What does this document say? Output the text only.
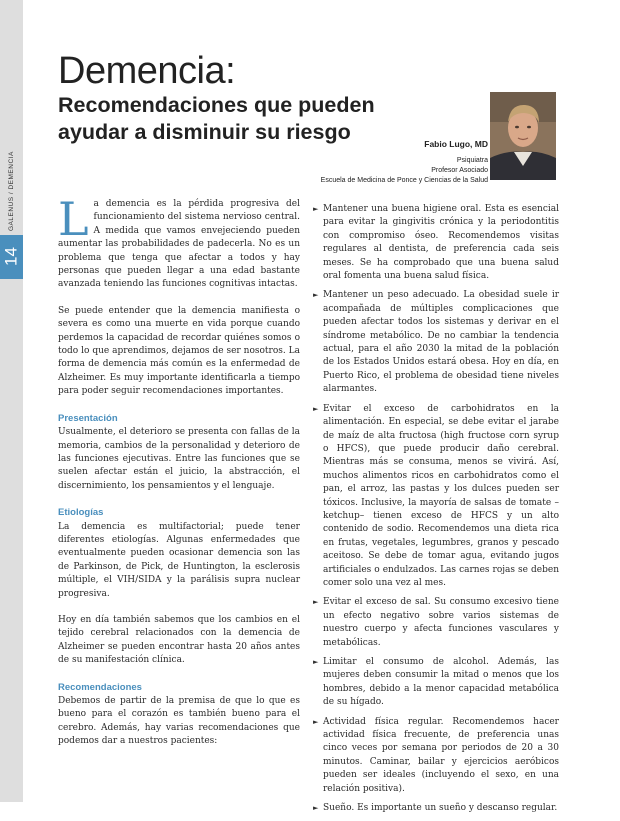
GALENUS / DEMENCIA
14
Demencia:
Recomendaciones que pueden ayudar a disminuir su riesgo	Fabio Lugo, MD
Psiquiatra
Profesor Asociado
Escuela de Medicina de Ponce y Ciencias de la Salud
La demencia es la pérdida progresiva del funcionamiento del sistema nervioso central. A medida que vamos envejeciendo pueden aumentar las probabilidades de padecerla. No es un problema que tenga que afectar a todos y hay personas que pueden llegar a una edad bastante avanzada teniendo las funciones cognitivas intactas.

Se puede entender que la demencia manifiesta o severa es como una muerte en vida porque cuando perdemos la capacidad de recordar quiénes somos o todo lo que aprendimos, dejamos de ser nosotros. La forma de demencia más común es la enfermedad de Alzheimer. Es muy importante identificarla a tiempo para poder seguir recomendaciones importantes.

Presentación

Usualmente, el deterioro se presenta con fallas de la memoria, cambios de la personalidad y deterioro de las funciones ejecutivas. Entre las funciones que se suelen afectar están el juicio, la abstracción, el discernimiento, los pensamientos y el lenguaje.

Etiologías

La demencia es multifactorial; puede tener diferentes etiologías. Algunas enfermedades que eventualmente pueden ocasionar demencia son las de Parkinson, de Pick, de Huntington, la esclerosis múltiple, el VIH/SIDA y la parálisis supra nuclear progresiva.

Hoy en día también sabemos que los cambios en el tejido cerebral relacionados con la demencia de Alzheimer se pueden encontrar hasta 20 años antes de su manifestación clínica.

Recomendaciones

Debemos de partir de la premisa de que lo que es bueno para el corazón es también bueno para el cerebro. Además, hay varias recomendaciones que podemos dar a nuestros pacientes:

► Mantener una buena higiene oral. Esta es esencial para evitar la gingivitis crónica y la periodontitis con compromiso óseo. Recomendemos visitas regulares al dentista, de preferencia cada seis meses. Se ha comprobado que una buena salud oral fomenta una buena salud física.
► Mantener un peso adecuado. La obesidad suele ir acompañada de múltiples complicaciones que pueden afectar todos los sistemas y derivar en el síndrome metabólico. De no cambiar la tendencia actual, para el año 2030 la mitad de la población de los Estados Unidos estará obesa. Hoy en día, en Puerto Rico, el problema de obesidad tiene niveles alarmantes.
► Evitar el exceso de carbohidratos en la alimentación. En especial, se debe evitar el jarabe de maíz de alta fructosa (high fructose corn syrup o HFCS), que puede producir daño cerebral. Mientras más se consuma, menos se vivirá. Así, muchos alimentos ricos en carbohidratos como el pan, el arroz, las pastas y los dulces pueden ser tóxicos. Inclusive, la mayoría de salsas de tomate –ketchup– tienen exceso de HFCS y un alto contenido de sodio. Recomendemos una dieta rica en frutas, vegetales, legumbres, granos y pescado aceitoso. Se debe de tomar agua, evitando jugos artificiales o endulzados. Las carnes rojas se deben comer solo una vez al mes.
► Evitar el exceso de sal. Su consumo excesivo tiene un efecto negativo sobre varios sistemas de nuestro cuerpo y afecta funciones vasculares y metabólicas.
► Limitar el consumo de alcohol. Además, las mujeres deben consumir la mitad o menos que los hombres, debido a la menor capacidad metabólica de su hígado.
► Actividad física regular. Recomendemos hacer actividad física frecuente, de preferencia unas cinco veces por semana por periodos de 20 a 30 minutos. Caminar, bailar y ejercicios aeróbicos pueden ser ideales (incluyendo el sexo, en una relación positiva).
► Sueño. Es importante un sueño y descanso regular.
